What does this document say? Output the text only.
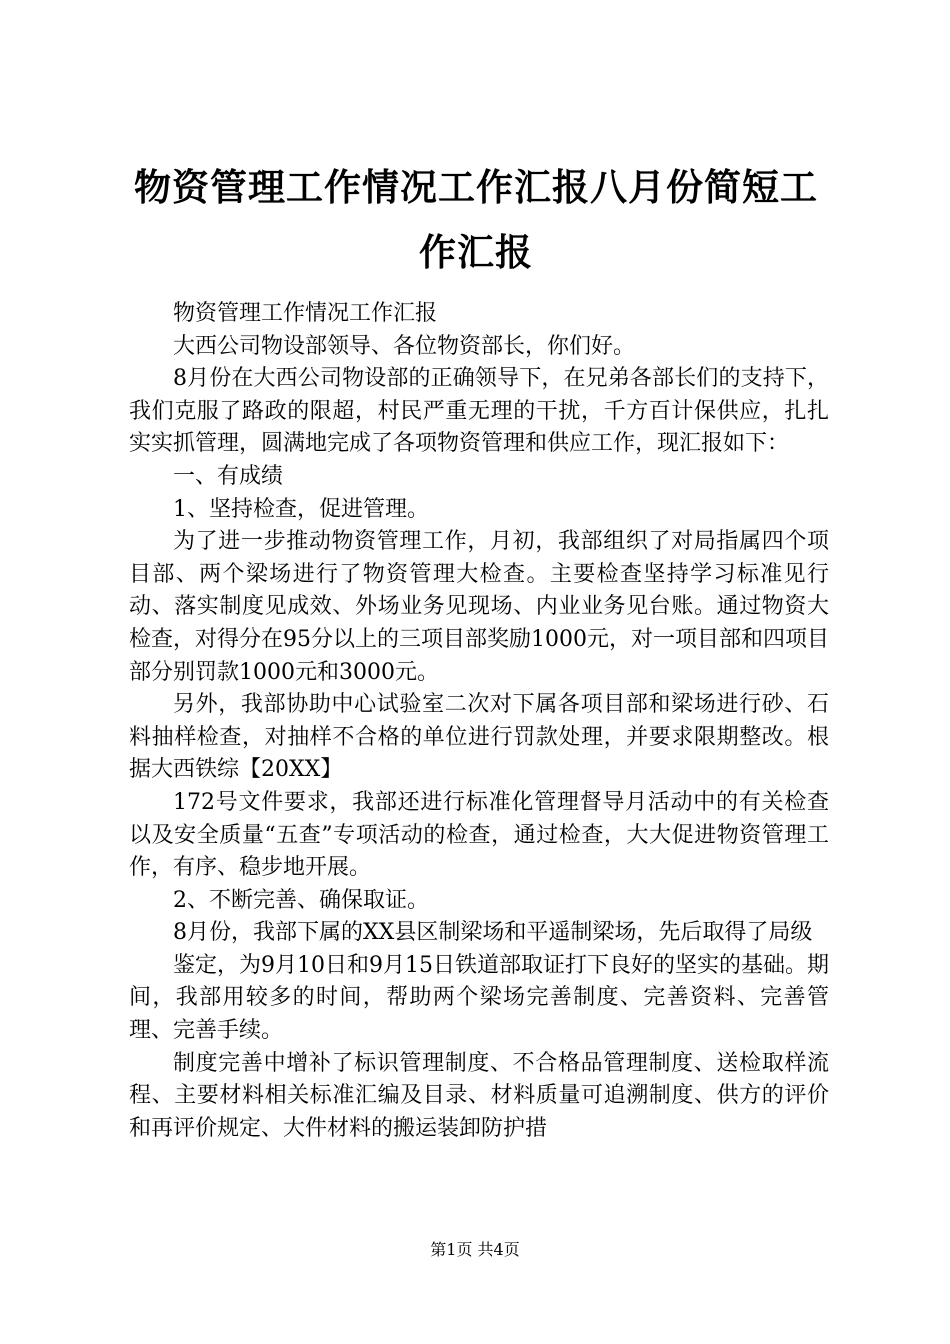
物资管理工作情况工作汇报八月份简短工作汇报

物资管理工作情况工作汇报

大西公司物设部领导、各位物资部长，你们好。

8月份在大西公司物设部的正确领导下，在兄弟各部长们的支持下，我们克服了路政的限超，村民严重无理的干扰，千方百计保供应，扎扎实实抓管理，圆满地完成了各项物资管理和供应工作，现汇报如下：

一、有成绩

1、坚持检查，促进管理。

为了进一步推动物资管理工作，月初，我部组织了对局指属四个项目部、两个梁场进行了物资管理大检查。主要检查坚持学习标准见行动、落实制度见成效、外场业务见现场、内业业务见台账。通过物资大检查，对得分在95分以上的三项目部奖励1000元，对一项目部和四项目部分别罚款1000元和3000元。

另外，我部协助中心试验室二次对下属各项目部和梁场进行砂、石料抽样检查，对抽样不合格的单位进行罚款处理，并要求限期整改。根据大西铁综【20XX】

172号文件要求，我部还进行标准化管理督导月活动中的有关检查以及安全质量“五查”专项活动的检查，通过检查，大大促进物资管理工作，有序、稳步地开展。

2、不断完善、确保取证。

8月份，我部下属的XX县区制梁场和平遥制梁场，先后取得了局级

鉴定，为9月10日和9月15日铁道部取证打下良好的坚实的基础。期间，我部用较多的时间，帮助两个梁场完善制度、完善资料、完善管理、完善手续。

制度完善中增补了标识管理制度、不合格品管理制度、送检取样流程、主要材料相关标准汇编及目录、材料质量可追溯制度、供方的评价和再评价规定、大件材料的搬运装卸防护措

第1页 共4页
